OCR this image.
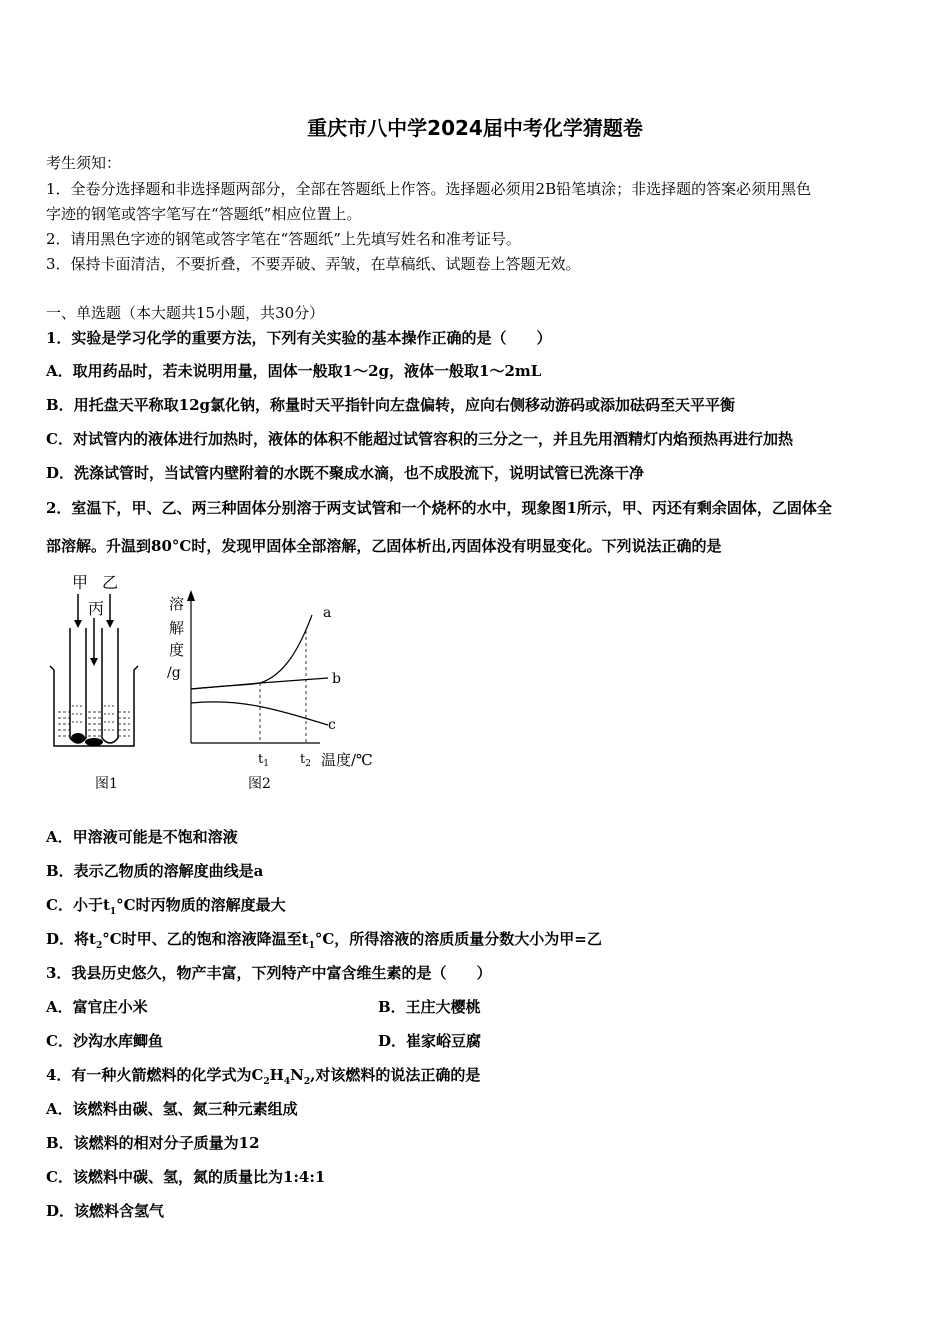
重庆市八中学2024届中考化学猜题卷
考生须知：
1．全卷分选择题和非选择题两部分，全部在答题纸上作答。选择题必须用2B铅笔填涂；非选择题的答案必须用黑色
字迹的钢笔或答字笔写在“答题纸”相应位置上。
2．请用黑色字迹的钢笔或答字笔在“答题纸”上先填写姓名和准考证号。
3．保持卡面清洁，不要折叠，不要弄破、弄皱，在草稿纸、试题卷上答题无效。
一、单选题（本大题共15小题，共30分）
1．实验是学习化学的重要方法，下列有关实验的基本操作正确的是（　　）
A．取用药品时，若未说明用量，固体一般取1～2g，液体一般取1～2mL
B．用托盘天平称取12g氯化钠，称量时天平指针向左盘偏转，应向右侧移动游码或添加砝码至天平平衡
C．对试管内的液体进行加热时，液体的体积不能超过试管容积的三分之一，并且先用酒精灯内焰预热再进行加热
D．洗涤试管时，当试管内壁附着的水既不聚成水滴，也不成股流下，说明试管已洗涤干净
2．室温下，甲、乙、两三种固体分别溶于两支试管和一个烧杯的水中，现象图1所示，甲、丙还有剩余固体，乙固体全
部溶解。升温到80°C时，发现甲固体全部溶解，乙固体析出,丙固体没有明显变化。下列说法正确的是
甲 乙
丙
图1
溶
解
度
/g
a
b
c
$t_1$ $t_2$ 温度/℃
图2
A．甲溶液可能是不饱和溶液
B．表示乙物质的溶解度曲线是a
C．小于$t_1^\circ C$时丙物质的溶解度最大
D．将$t_2^\circ C$时甲、乙的饱和溶液降温至$t_1^\circ C$，所得溶液的溶质质量分数大小为甲=乙
3．我县历史悠久，物产丰富，下列特产中富含维生素的是（　　）
A．富官庄小米	B．王庄大樱桃
C．沙沟水库鲫鱼	D．崔家峪豆腐
4．有一种火箭燃料的化学式为$C_2H_4N_2$,对该燃料的说法正确的是
A．该燃料由碳、氢、氮三种元素组成
B．该燃料的相对分子质量为12
C．该燃料中碳、氢，氮的质量比为1:4:1
D．该燃料含氢气
